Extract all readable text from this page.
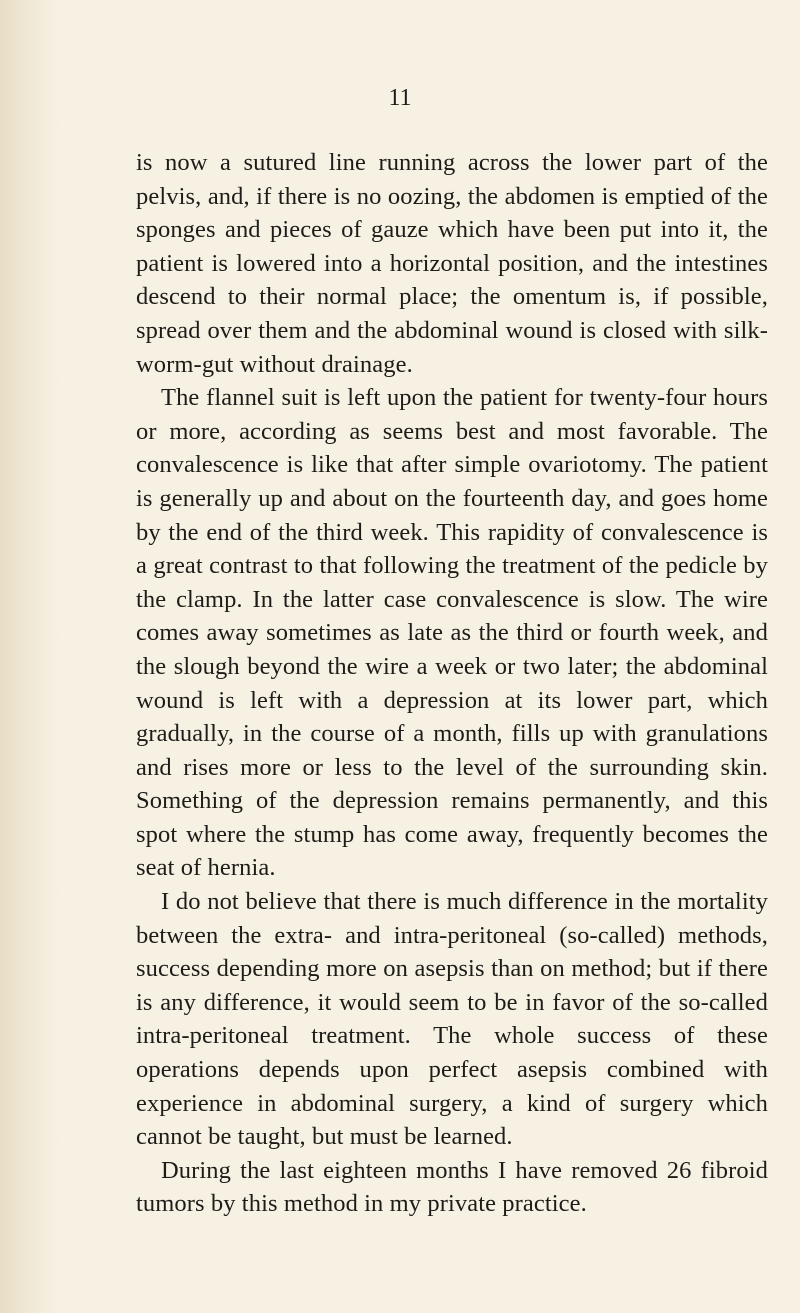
11

is now a sutured line running across the lower part of the pelvis, and, if there is no oozing, the abdomen is emptied of the sponges and pieces of gauze which have been put into it, the patient is lowered into a horizontal position, and the intestines descend to their normal place; the omentum is, if possible, spread over them and the abdominal wound is closed with silk-worm-gut without drainage.

The flannel suit is left upon the patient for twenty-four hours or more, according as seems best and most favorable. The convalescence is like that after simple ovariotomy. The patient is generally up and about on the fourteenth day, and goes home by the end of the third week. This rapidity of convalescence is a great contrast to that following the treatment of the pedicle by the clamp. In the latter case convalescence is slow. The wire comes away sometimes as late as the third or fourth week, and the slough beyond the wire a week or two later; the abdominal wound is left with a depression at its lower part, which gradually, in the course of a month, fills up with granulations and rises more or less to the level of the surrounding skin. Something of the depression remains permanently, and this spot where the stump has come away, frequently becomes the seat of hernia.

I do not believe that there is much difference in the mortality between the extra- and intra-peritoneal (so-called) methods, success depending more on asepsis than on method; but if there is any difference, it would seem to be in favor of the so-called intra-peritoneal treatment. The whole success of these operations depends upon perfect asepsis combined with experience in abdominal surgery, a kind of surgery which cannot be taught, but must be learned.

During the last eighteen months I have removed 26 fibroid tumors by this method in my private practice.
